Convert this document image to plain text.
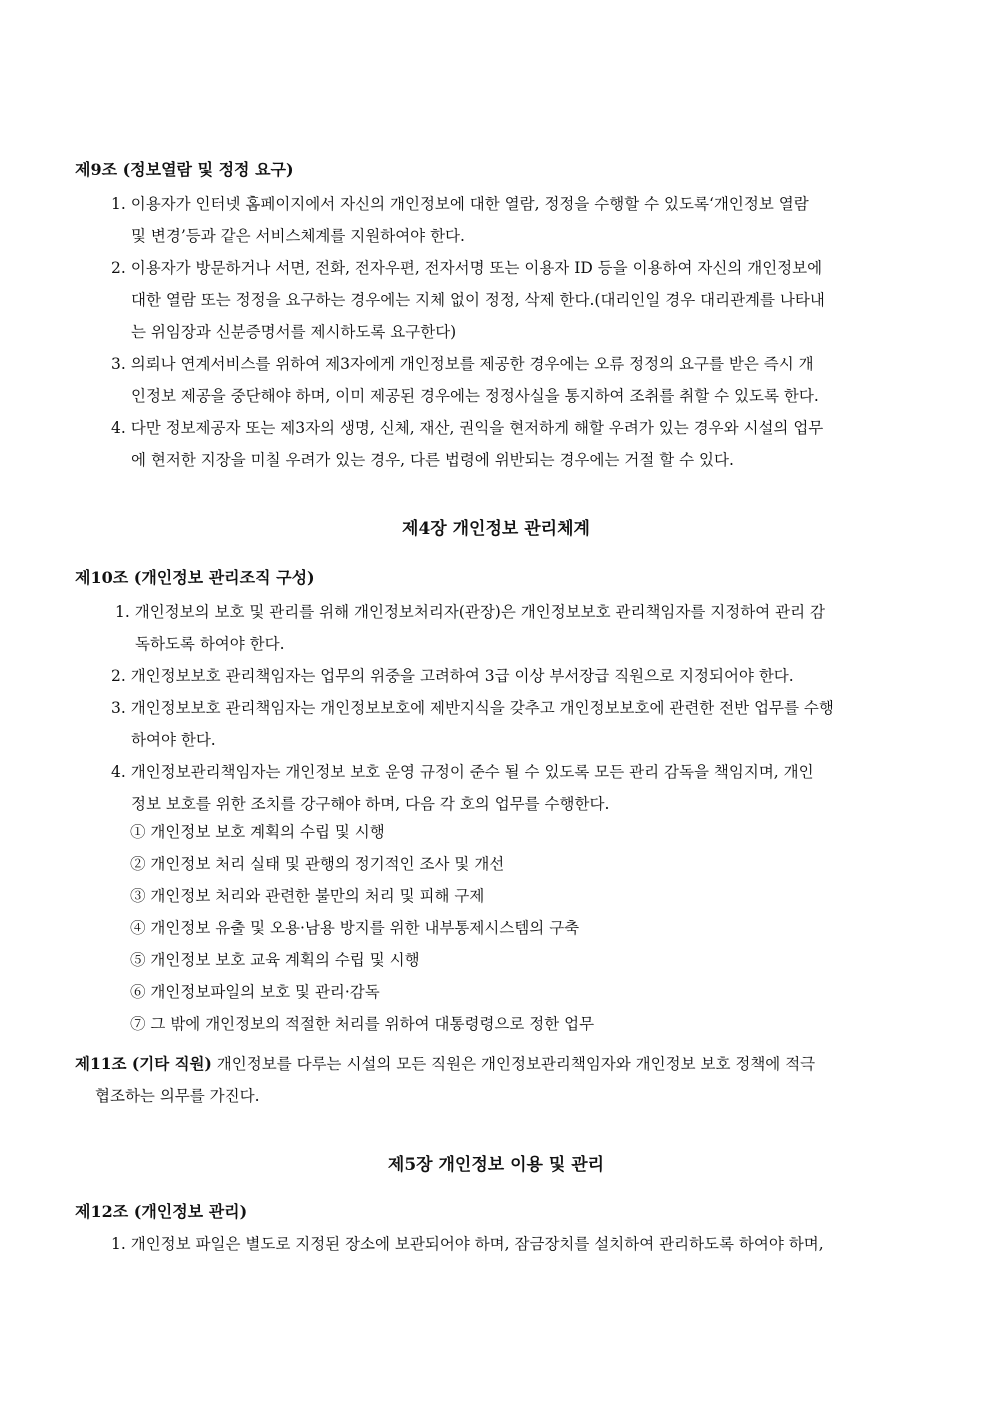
제9조 (정보열람 및 정정 요구)

1. 이용자가 인터넷 홈페이지에서 자신의 개인정보에 대한 열람, 정정을 수행할 수 있도록‘개인정보 열람
및 변경’등과 같은 서비스체계를 지원하여야 한다.
2. 이용자가 방문하거나 서면, 전화, 전자우편, 전자서명 또는 이용자 ID 등을 이용하여 자신의 개인정보에
대한 열람 또는 정정을 요구하는 경우에는 지체 없이 정정, 삭제 한다.(대리인일 경우 대리관계를 나타내
는 위임장과 신분증명서를 제시하도록 요구한다)
3. 의뢰나 연계서비스를 위하여 제3자에게 개인정보를 제공한 경우에는 오류 정정의 요구를 받은 즉시 개
인정보 제공을 중단해야 하며, 이미 제공된 경우에는 정정사실을 통지하여 조취를 취할 수 있도록 한다.
4. 다만 정보제공자 또는 제3자의 생명, 신체, 재산, 권익을 현저하게 해할 우려가 있는 경우와 시설의 업무
에 현저한 지장을 미칠 우려가 있는 경우, 다른 법령에 위반되는 경우에는 거절 할 수 있다.

제4장 개인정보 관리체계

제10조 (개인정보 관리조직 구성)

1. 개인정보의 보호 및 관리를 위해 개인정보처리자(관장)은 개인정보보호 관리책임자를 지정하여 관리 감
독하도록 하여야 한다.
2. 개인정보보호 관리책임자는 업무의 위중을 고려하여 3급 이상 부서장급 직원으로 지정되어야 한다.
3. 개인정보보호 관리책임자는 개인정보보호에 제반지식을 갖추고 개인정보보호에 관련한 전반 업무를 수행
하여야 한다.
4. 개인정보관리책임자는 개인정보 보호 운영 규정이 준수 될 수 있도록 모든 관리 감독을 책임지며, 개인
정보 보호를 위한 조치를 강구해야 하며, 다음 각 호의 업무를 수행한다.

① 개인정보 보호 계획의 수립 및 시행

② 개인정보 처리 실태 및 관행의 정기적인 조사 및 개선

③ 개인정보 처리와 관련한 불만의 처리 및 피해 구제

④ 개인정보 유출 및 오용·남용 방지를 위한 내부통제시스템의 구축

⑤ 개인정보 보호 교육 계획의 수립 및 시행

⑥ 개인정보파일의 보호 및 관리·감독

⑦ 그 밖에 개인정보의 적절한 처리를 위하여 대통령령으로 정한 업무

제11조 (기타 직원) 개인정보를 다루는 시설의 모든 직원은 개인정보관리책임자와 개인정보 보호 정책에 적극
협조하는 의무를 가진다.

제5장 개인정보 이용 및 관리

제12조 (개인정보 관리)

1. 개인정보 파일은 별도로 지정된 장소에 보관되어야 하며, 잠금장치를 설치하여 관리하도록 하여야 하며,
